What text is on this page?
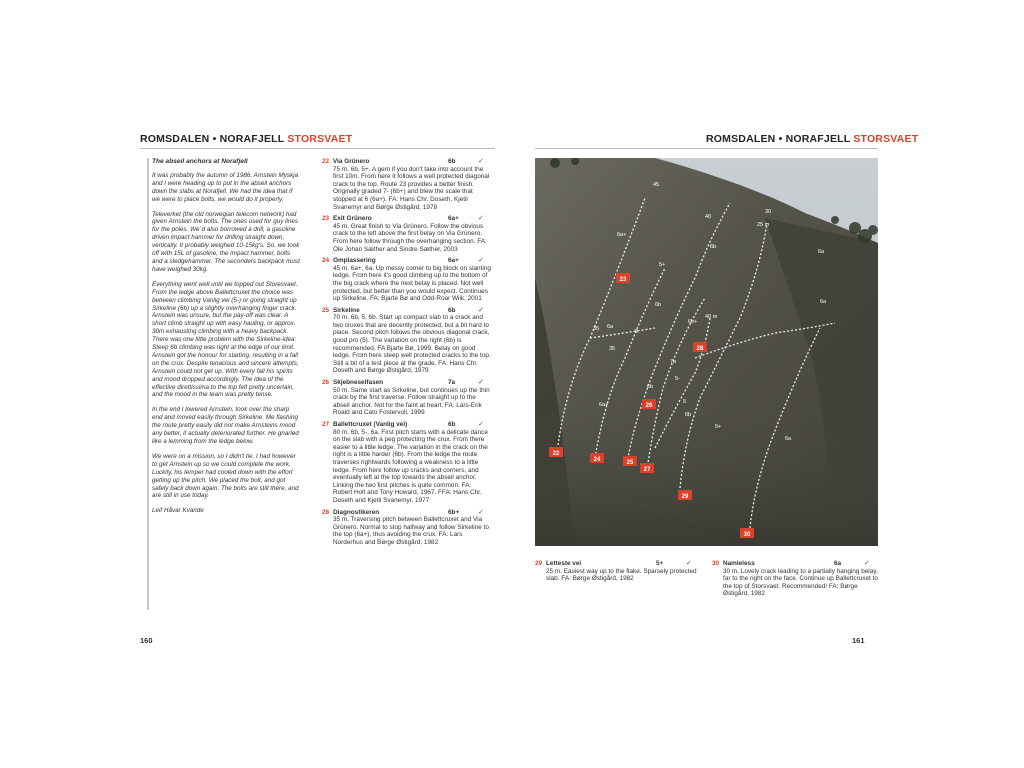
ROMSDALEN • NORAFJELL STORSVAET	ROMSDALEN • NORAFJELL STORSVAET
The abseil anchors at Norafjell

It was probably the autumn of 1986. Arnstein Myskja and I were heading up to put in the abseil anchors down the slabs at Norafjell. We had the idea that if we were to place bolts, we would do it properly.

Televerket (the old norwegian telecom network) had given Arnstein the bolts. The ones used for guy lines for the poles. We´d also borrowed a drill, a gasoline driven impact hammer for drilling straight down, vertically. It probably weighed 10-15kg's. So, we took off with 15L of gasoline, the impact hammer, bolts and a sledgehammer. The seconders backpack must have weighed 30kg.

Everything went well until we topped out Storesvaet. From the ledge above Ballettcruxet the choice was between climbing Vanlig vei (5-) or going straight up Sirkeline (6b) up a slightly overhanging finger crack. Arnstein was unsure, but the pay-off was clear. A short climb straight up with easy hauling, or approx. 30m exhausting climbing with a heavy backpack. There was one little problem with the Sirkeline-idea: Steep 6b climbing was right at the edge of our limit. Arnstein got the honour for starting, resulting in a fall on the crux. Despite tenacious and sincere attempts, Arnstein could not get up. With every fall his spirits and mood dropped accordingly. The idea of the effective direttissima to the top felt pretty uncertain, and the mood in the team was pretty tense.

In the end I lowered Arnstein, took over the sharp end and moved easily through Sirkeline. Me flashing the route pretty easily did not make Arnsteins mood any better, it actually deteriorated further. He gnarled like a lemming from the ledge below.

We were on a mission, so I didn't tie. I had however to get Arnstein up so we could complete the work. Luckily, his temper had cooled down with the effort getting up the pitch. We placed the bolt, and got safely back down again. The bolts are still there, and are still in use today.

Leif Håvar Kvande
22 Via Grünero	6b	✓
75 m. 6b, 5+. A gem if you don't take into account the first 10m. From here it follows a well protected diagonal crack to the top. Route 23 provides a better finish. Originally graded 7- (6b+) and blew the scale that stopped at 6 (6a+). FA: Hans Chr. Doseth, Kjetil Svanemyr and Børge Østigård, 1978
23 Exit Grünero	6a+	✓
45 m. Great finish to Via Grünero. Follow the obvious crack to the left above the first belay on Via Grünero. From here follow through the overhanging section. FA: Ole Johan Sæther and Sindre Sæther, 2003
24 Omplassering	6a+	✓
45 m. 6a+, 6a. Up messy corner to big block on slanting ledge. From here it's good climbing up to the bottom of the big crack where the next belay is placed. Not well protected, but better than you would expect. Continues up Sirkeline. FA: Bjarte Bø and Odd-Roar Wiik, 2001
25 Sirkeline	6b	✓
70 m. 6b, 5, 6b. Start up compact slab to a crack and two cruxes that are decently protected, but a bit hard to place. Second pitch follows the obvious diagonal crack, good pro (5). The variation on the right (6b) is recommended, FA Bjarte Bø, 1999. Belay on good ledge. From here steep well protected cracks to the top. Still a bit of a test piece at the grade. FA: Hans Chr. Doseth and Børge Østigård, 1979
26 Skjebneselfasen	7a	✓
50 m. Same start as Sirkeline, but continues up the thin crack by the first traverse. Follow straight up to the abseil anchor. Not for the faint at heart. FA: Lars-Erik Roald and Cato Fostervoll, 1999
27 Ballettcruxet (Vanlig vei)	6b	✓
80 m. 6b, 5-, 6a. First pitch starts with a delicate dance on the slab with a peg protecting the crux. From there easier to a little ledge. The variation in the crack on the right is a little harder (6b). From the ledge the route traverses rightwards following a weakness to a little ledge. From here follow up cracks and corners, and eventually left at the top towards the abseil anchor. Linking the two first pitches is quite common. FA: Robert Holt and Tony Howard, 1967. FFA: Hans Chr. Doseth and Kjetil Svanemyr, 1977
28 Diagnostikeren	6b+	✓
35 m. Traversing pitch between Ballettcruxet and Via Grünero. Normal to stop halfway and follow Sirkeline to the top (6a+), thus avoiding the crux. FA: Lars Norderhus and Børge Østigård, 1982
45
40
30
25 m
40 m
6a+
6b
5+
6b
6a
6b+
6a
5
6a
7a
5-
5
6b
6b
6a+
5+
6a
35
35
22
23
24	25
26
27
28
29
30
29 Letteste vei	5+	✓
25 m. Easiest way up to the flake. Sparsely protected slab. FA: Børge Østigård, 1982
30 Namleless	6a	✓
30 m. Lovely crack leading to a partially hanging belay, far to the right on the face. Continue up Ballettcruxet to the top of Storsvaet. Recommended! FA: Børge Østigård, 1982
160	161
